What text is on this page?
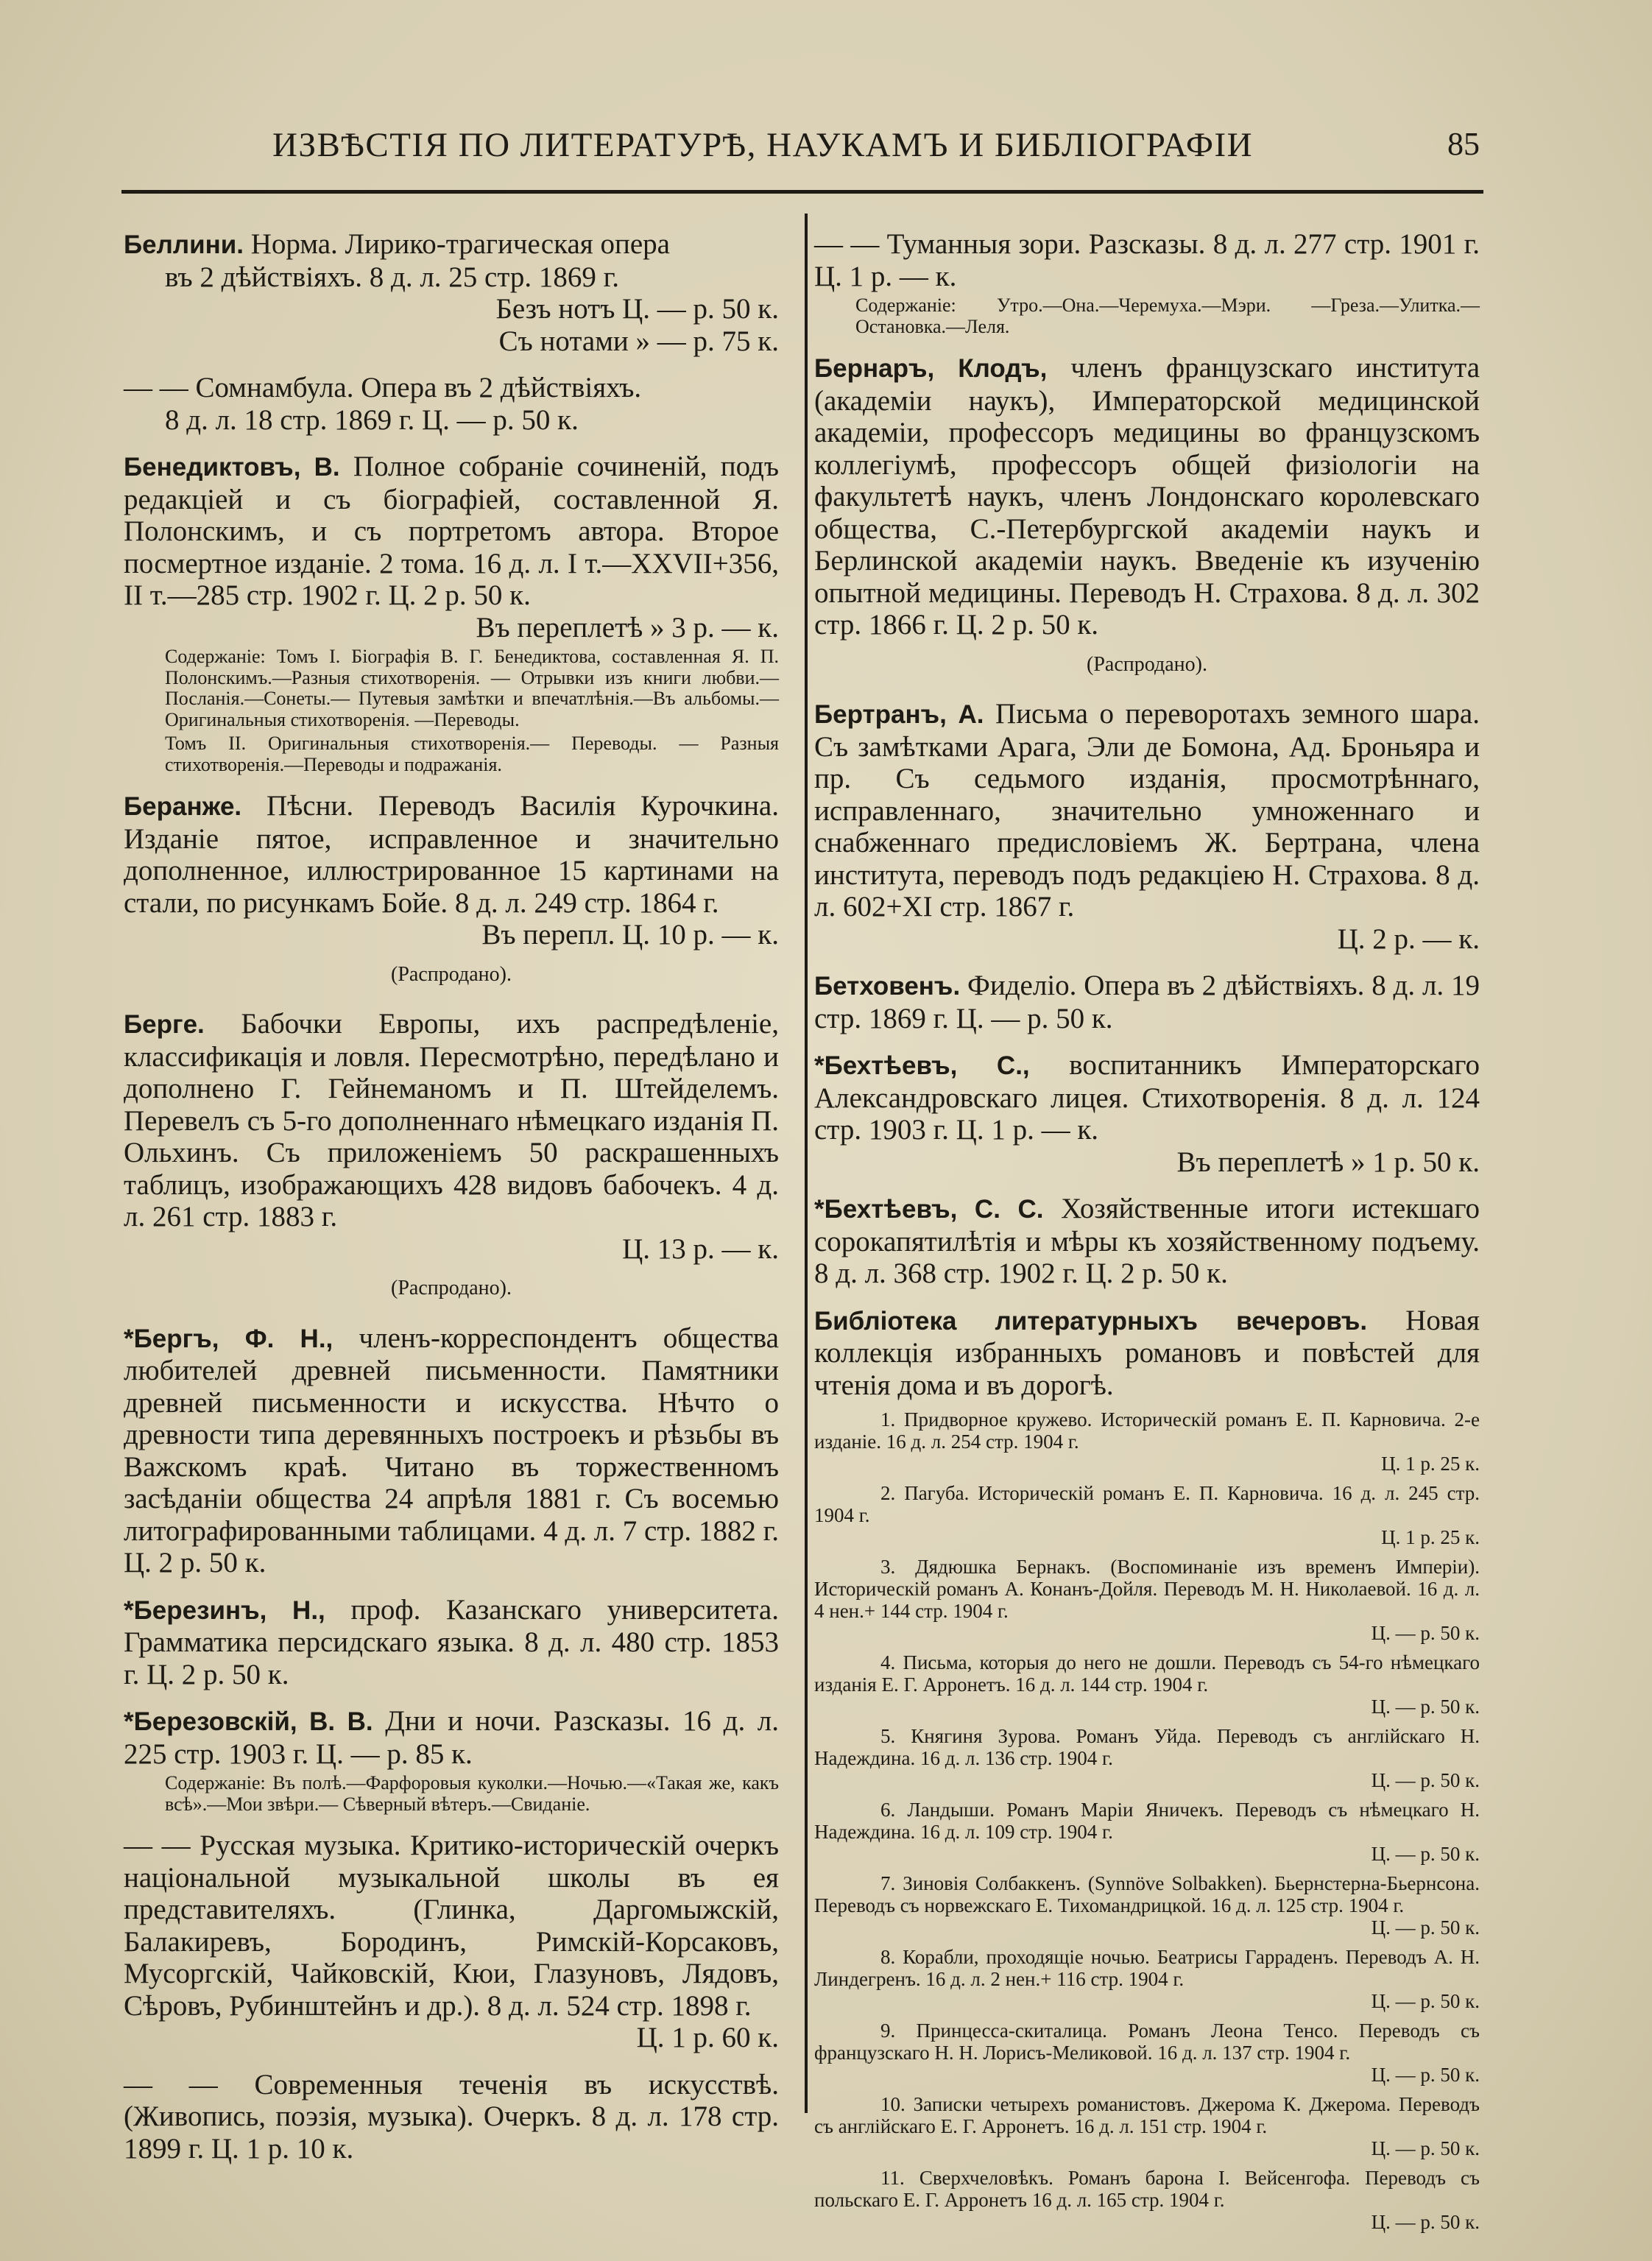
ИЗВѢСТІЯ ПО ЛИТЕРАТУРѢ, НАУКАМЪ И БИБЛІОГРАФІИ	85

Беллини. Норма. Лирико-трагическая опера

въ 2 дѣйствіяхъ. 8 д. л. 25 стр. 1869 г.

Безъ нотъ Ц. — р. 50 к.

Съ нотами » — р. 75 к.

— — Сомнамбула. Опера въ 2 дѣйствіяхъ.

8 д. л. 18 стр. 1869 г. Ц. — р. 50 к.

Бенедиктовъ, В. Полное собраніе сочиненій, подъ редакціей и съ біографіей, составленной Я. Полонскимъ, и съ портретомъ автора. Второе посмертное изданіе. 2 тома. 16 д. л. I т.—XXVII+356, II т.—285 стр. 1902 г. Ц. 2 р. 50 к.

Въ переплетѣ » 3 р. — к.

Содержаніе: Томъ I. Біографія В. Г. Бенедиктова, составленная Я. П. Полонскимъ.—Разныя стихотворенія. — Отрывки изъ книги любви.— Посланія.—Сонеты.— Путевыя замѣтки и впечатлѣнія.—Въ альбомы.— Оригинальныя стихотворенія. —Переводы.

Томъ II. Оригинальныя стихотворенія.— Переводы. — Разныя стихотворенія.—Переводы и подражанія.

Беранже. Пѣсни. Переводъ Василія Курочкина. Изданіе пятое, исправленное и значительно дополненное, иллюстрированное 15 картинами на стали, по рисункамъ Бойе. 8 д. л. 249 стр. 1864 г.

Въ перепл. Ц. 10 р. — к.

(Распродано).

Берге. Бабочки Европы, ихъ распредѣленіе, классификація и ловля. Пересмотрѣно, передѣлано и дополнено Г. Гейнеманомъ и П. Штейделемъ. Перевелъ съ 5-го дополненнаго нѣмецкаго изданія П. Ольхинъ. Съ приложеніемъ 50 раскрашенныхъ таблицъ, изображающихъ 428 видовъ бабочекъ. 4 д. л. 261 стр. 1883 г.

Ц. 13 р. — к.

(Распродано).

*Бергъ, Ф. Н., членъ-корреспондентъ общества любителей древней письменности. Памятники древней письменности и искусства. Нѣчто о древности типа деревянныхъ построекъ и рѣзьбы въ Важскомъ краѣ. Читано въ торжественномъ засѣданіи общества 24 апрѣля 1881 г. Съ восемью литографированными таблицами. 4 д. л. 7 стр. 1882 г. Ц. 2 р. 50 к.

*Березинъ, Н., проф. Казанскаго университета. Грамматика персидскаго языка. 8 д. л. 480 стр. 1853 г. Ц. 2 р. 50 к.

*Березовскій, В. В. Дни и ночи. Разсказы. 16 д. л. 225 стр. 1903 г. Ц. — р. 85 к.

Содержаніе: Въ полѣ.—Фарфоровыя куколки.—Ночью.—«Такая же, какъ всѣ».—Мои звѣри.— Сѣверный вѣтеръ.—Свиданіе.

— — Русская музыка. Критико-историческій очеркъ національной музыкальной школы въ ея представителяхъ. (Глинка, Даргомыжскій, Балакиревъ, Бородинъ, Римскій-Корсаковъ, Мусоргскій, Чайковскій, Кюи, Глазуновъ, Лядовъ, Сѣровъ, Рубинштейнъ и др.). 8 д. л. 524 стр. 1898 г.

Ц. 1 р. 60 к.

— — Современныя теченія въ искусствѣ. (Живопись, поэзія, музыка). Очеркъ. 8 д. л. 178 стр. 1899 г. Ц. 1 р. 10 к.

— — Туманныя зори. Разсказы. 8 д. л. 277 стр. 1901 г. Ц. 1 р. — к.

Содержаніе: Утро.—Она.—Черемуха.—Мэри. —Греза.—Улитка.—Остановка.—Леля.

Бернаръ, Клодъ, членъ французскаго института (академіи наукъ), Императорской медицинской академіи, профессоръ медицины во французскомъ коллегіумѣ, профессоръ общей физіологіи на факультетѣ наукъ, членъ Лондонскаго королевскаго общества, С.-Петербургской академіи наукъ и Берлинской академіи наукъ. Введеніе къ изученію опытной медицины. Переводъ Н. Страхова. 8 д. л. 302 стр. 1866 г. Ц. 2 р. 50 к.

(Распродано).

Бертранъ, А. Письма о переворотахъ земного шара. Съ замѣтками Арага, Эли де Бомона, Ад. Броньяра и пр. Съ седьмого изданія, просмотрѣннаго, исправленнаго, значительно умноженнаго и снабженнаго предисловіемъ Ж. Бертрана, члена института, переводъ подъ редакціею Н. Страхова. 8 д. л. 602+XI стр. 1867 г.

Ц. 2 р. — к.

Бетховенъ. Фиделіо. Опера въ 2 дѣйствіяхъ. 8 д. л. 19 стр. 1869 г. Ц. — р. 50 к.

*Бехтѣевъ, С., воспитанникъ Императорскаго Александровскаго лицея. Стихотворенія. 8 д. л. 124 стр. 1903 г. Ц. 1 р. — к.

Въ переплетѣ » 1 р. 50 к.

*Бехтѣевъ, С. С. Хозяйственные итоги истекшаго сорокапятилѣтія и мѣры къ хозяйственному подъему. 8 д. л. 368 стр. 1902 г. Ц. 2 р. 50 к.

Библіотека литературныхъ вечеровъ. Новая коллекція избранныхъ романовъ и повѣстей для чтенія дома и въ дорогѣ.

1. Придворное кружево. Историческій романъ Е. П. Карновича. 2-е изданіе. 16 д. л. 254 стр. 1904 г.
Ц. 1 р. 25 к.
2. Пагуба. Историческій романъ Е. П. Карновича. 16 д. л. 245 стр. 1904 г.
Ц. 1 р. 25 к.
3. Дядюшка Бернакъ. (Воспоминаніе изъ временъ Имперіи). Историческій романъ А. Конанъ-Дойля. Переводъ М. Н. Николаевой. 16 д. л. 4 нен.+ 144 стр. 1904 г.
Ц. — р. 50 к.
4. Письма, которыя до него не дошли. Переводъ съ 54-го нѣмецкаго изданія Е. Г. Арронетъ. 16 д. л. 144 стр. 1904 г.
Ц. — р. 50 к.
5. Княгиня Зурова. Романъ Уйда. Переводъ съ англійскаго Н. Надеждина. 16 д. л. 136 стр. 1904 г.
Ц. — р. 50 к.
6. Ландыши. Романъ Маріи Яничекъ. Переводъ съ нѣмецкаго Н. Надеждина. 16 д. л. 109 стр. 1904 г.
Ц. — р. 50 к.
7. Зиновія Солбаккенъ. (Synnöve Solbakken). Бьернстерна-Бьернсона. Переводъ съ норвежскаго Е. Тихомандрицкой. 16 д. л. 125 стр. 1904 г.
Ц. — р. 50 к.
8. Корабли, проходящіе ночью. Беатрисы Гарраденъ. Переводъ А. Н. Линдегренъ. 16 д. л. 2 нен.+ 116 стр. 1904 г.
Ц. — р. 50 к.
9. Принцесса-скиталица. Романъ Леона Тенсо. Переводъ съ французскаго Н. Н. Лорисъ-Меликовой. 16 д. л. 137 стр. 1904 г.
Ц. — р. 50 к.
10. Записки четырехъ романистовъ. Джерома К. Джерома. Переводъ съ англійскаго Е. Г. Арронетъ. 16 д. л. 151 стр. 1904 г.
Ц. — р. 50 к.
11. Сверхчеловѣкъ. Романъ барона І. Вейсенгофа. Переводъ съ польскаго Е. Г. Арронетъ 16 д. л. 165 стр. 1904 г.
Ц. — р. 50 к.
